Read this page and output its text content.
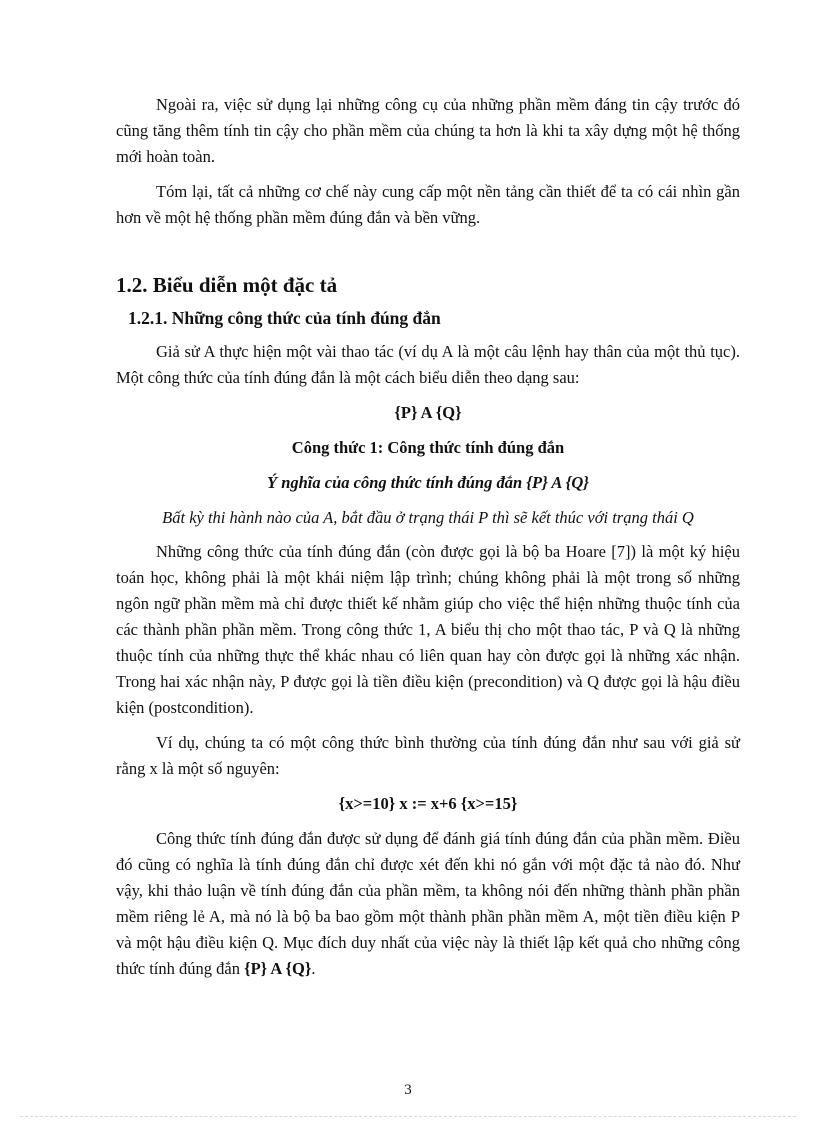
Ngoài ra, việc sử dụng lại những công cụ của những phần mềm đáng tin cậy trước đó cũng tăng thêm tính tin cậy cho phần mềm của chúng ta hơn là khi ta xây dựng một hệ thống mới hoàn toàn.

Tóm lại, tất cả những cơ chế này cung cấp một nền tảng cần thiết để ta có cái nhìn gần hơn về một hệ thống phần mềm đúng đắn và bền vững.

1.2. Biểu diễn một đặc tả
1.2.1. Những công thức của tính đúng đắn

Giả sử A thực hiện một vài thao tác (ví dụ A là một câu lệnh hay thân của một thủ tục). Một công thức của tính đúng đắn là một cách biểu diễn theo dạng sau:

{P} A {Q}
Công thức 1: Công thức tính đúng đắn
Ý nghĩa của công thức tính đúng đắn {P} A {Q}
Bất kỳ thi hành nào của A, bắt đầu ở trạng thái P thì sẽ kết thúc với trạng thái Q

Những công thức của tính đúng đắn (còn được gọi là bộ ba Hoare [7]) là một ký hiệu toán học, không phải là một khái niệm lập trình; chúng không phải là một trong số những ngôn ngữ phần mềm mà chỉ được thiết kế nhằm giúp cho việc thể hiện những thuộc tính của các thành phần phần mềm. Trong công thức 1, A biểu thị cho một thao tác, P và Q là những thuộc tính của những thực thể khác nhau có liên quan hay còn được gọi là những xác nhận. Trong hai xác nhận này, P được gọi là tiền điều kiện (precondition) và Q được gọi là hậu điều kiện (postcondition).

Ví dụ, chúng ta có một công thức bình thường của tính đúng đắn như sau với giả sử rằng x là một số nguyên:

{x>=10} x := x+6 {x>=15}

Công thức tính đúng đắn được sử dụng để đánh giá tính đúng đắn của phần mềm. Điều đó cũng có nghĩa là tính đúng đắn chỉ được xét đến khi nó gắn với một đặc tả nào đó. Như vậy, khi thảo luận về tính đúng đắn của phần mềm, ta không nói đến những thành phần phần mềm riêng lẻ A, mà nó là bộ ba bao gồm một thành phần phần mềm A, một tiền điều kiện P và một hậu điều kiện Q. Mục đích duy nhất của việc này là thiết lập kết quả cho những công thức tính đúng đắn {P} A {Q}.

3
